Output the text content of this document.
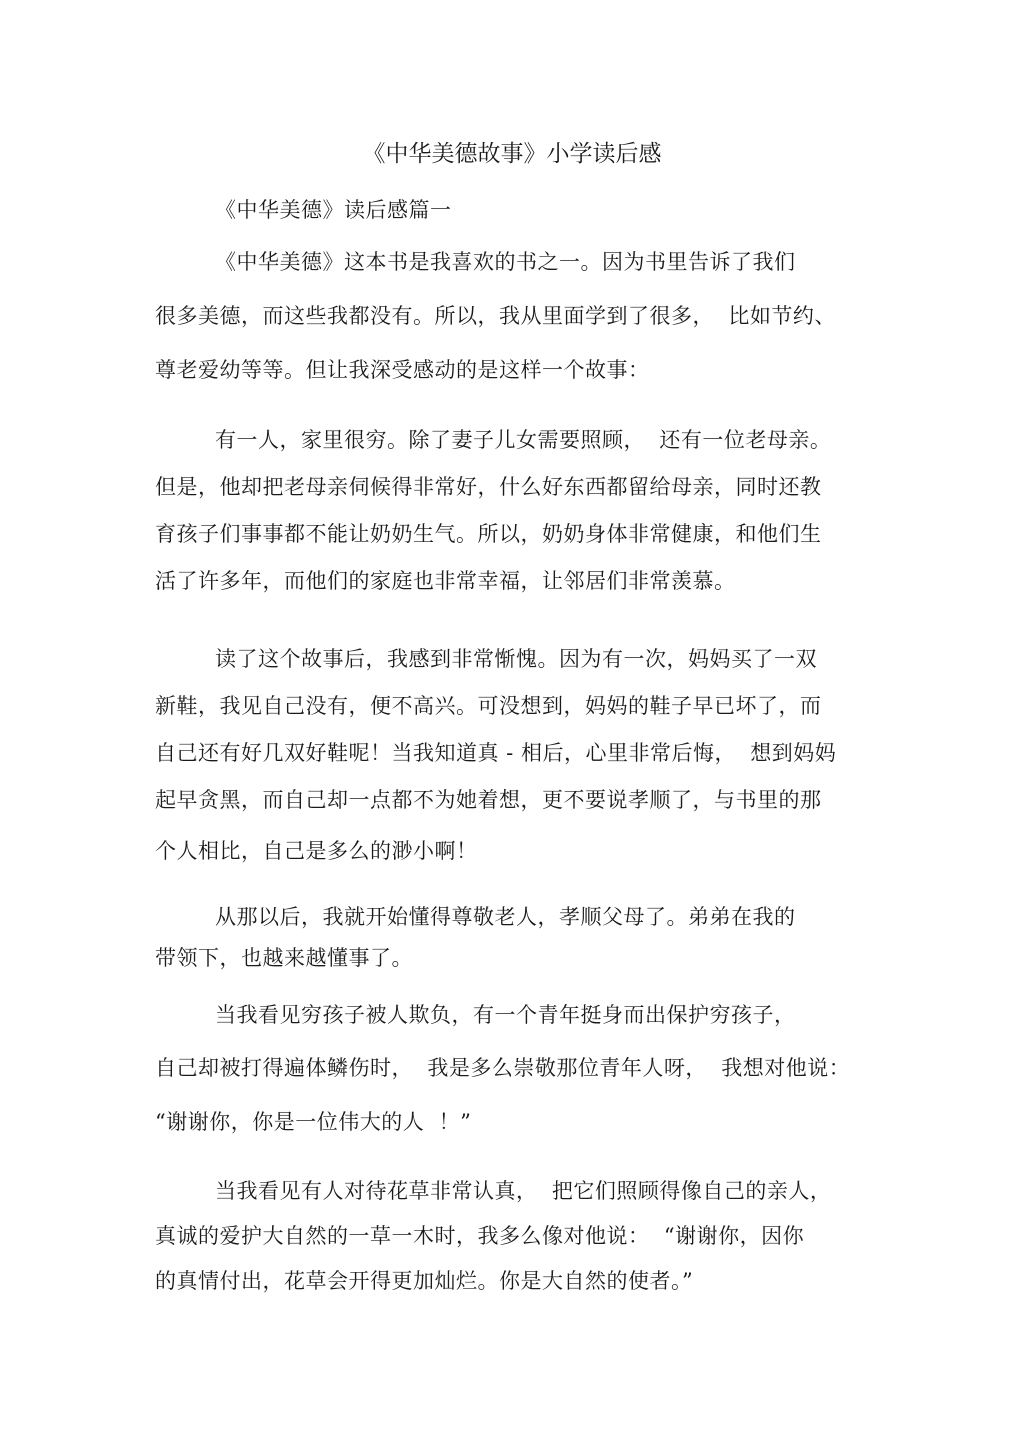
《中华美德故事》小学读后感
《中华美德》读后感篇一
《中华美德》这本书是我喜欢的书之一。因为书里告诉了我们
很多美德，而这些我都没有。所以，我从里面学到了很多，  比如节约、
尊老爱幼等等。但让我深受感动的是这样一个故事：
有一人，家里很穷。除了妻子儿女需要照顾，  还有一位老母亲。
但是，他却把老母亲伺候得非常好，什么好东西都留给母亲，同时还教
育孩子们事事都不能让奶奶生气。所以，奶奶身体非常健康，和他们生
活了许多年，而他们的家庭也非常幸福，让邻居们非常羡慕。
读了这个故事后，我感到非常惭愧。因为有一次，妈妈买了一双
新鞋，我见自己没有，便不高兴。可没想到，妈妈的鞋子早已坏了，而
自己还有好几双好鞋呢！当我知道真 - 相后，心里非常后悔，  想到妈妈
起早贪黑，而自己却一点都不为她着想，更不要说孝顺了，与书里的那
个人相比，自己是多么的渺小啊！
从那以后，我就开始懂得尊敬老人，孝顺父母了。弟弟在我的
带领下，也越来越懂事了。
当我看见穷孩子被人欺负，有一个青年挺身而出保护穷孩子，
自己却被打得遍体鳞伤时，  我是多么崇敬那位青年人呀，  我想对他说：
“谢谢你，你是一位伟大的人  ！”
当我看见有人对待花草非常认真，  把它们照顾得像自己的亲人，
真诚的爱护大自然的一草一木时，我多么像对他说：  “谢谢你，因你
的真情付出，花草会开得更加灿烂。你是大自然的使者。”
